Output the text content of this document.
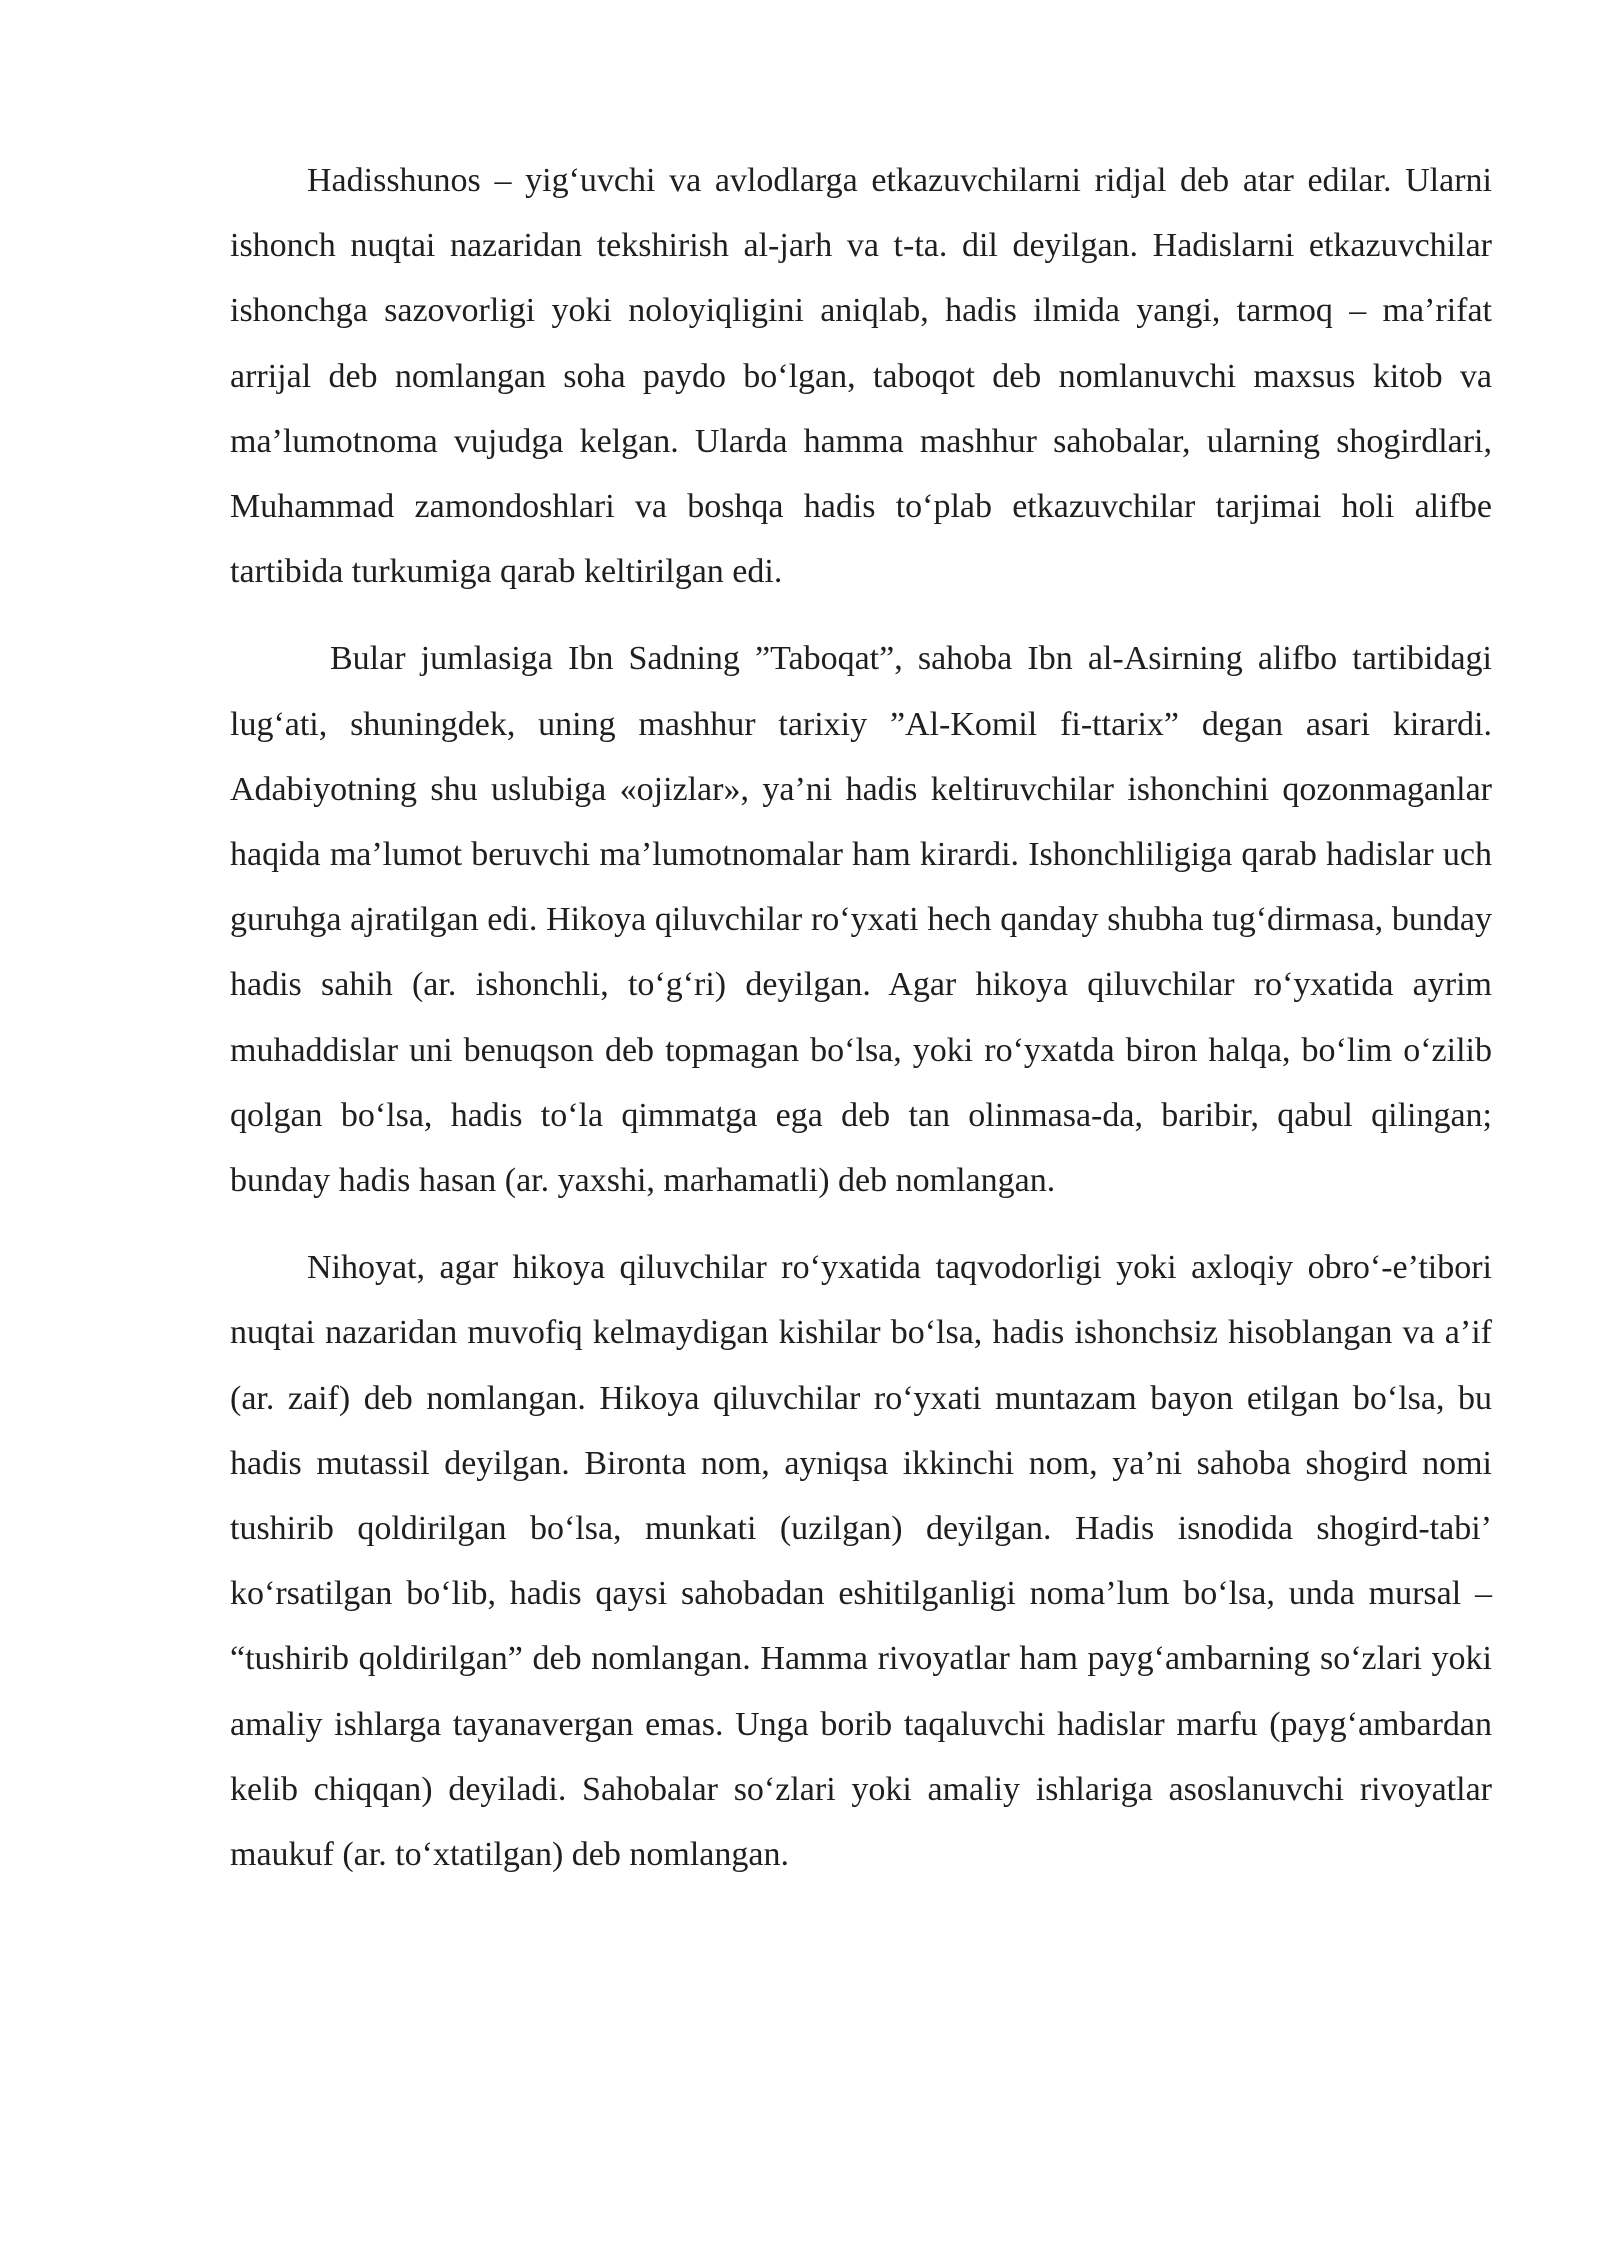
Hadisshunos – yig‘uvchi va avlodlarga etkazuvchilarni ridjal deb atar edilar. Ularni ishonch nuqtai nazaridan tekshirish al-jarh va t-ta. dil deyilgan. Hadislarni etkazuvchilar ishonchga sazovorligi yoki noloyiqligini aniqlab, hadis ilmida yangi, tarmoq – ma’rifat arrijal deb nomlangan soha paydo bo‘lgan, taboqot deb nomlanuvchi maxsus kitob va ma’lumotnoma vujudga kelgan. Ularda hamma mashhur sahobalar, ularning shogirdlari, Muhammad zamondoshlari va boshqa hadis to‘plab etkazuvchilar tarjimai holi alifbe tartibida turkumiga qarab keltirilgan edi.

Bular jumlasiga Ibn Sadning ”Taboqat”, sahoba Ibn al-Asirning alifbo tartibidagi lug‘ati, shuningdek, uning mashhur tarixiy ”Al-Komil fi-ttarix” degan asari kirardi. Adabiyotning shu uslubiga «ojizlar», ya’ni hadis keltiruvchilar ishonchini qozonmaganlar haqida ma’lumot beruvchi ma’lumotnomalar ham kirardi. Ishonchliligiga qarab hadislar uch guruhga ajratilgan edi. Hikoya qiluvchilar ro‘yxati hech qanday shubha tug‘dirmasa, bunday hadis sahih (ar. ishonchli, to‘g‘ri) deyilgan. Agar hikoya qiluvchilar ro‘yxatida ayrim muhaddislar uni benuqson deb topmagan bo‘lsa, yoki ro‘yxatda biron halqa, bo‘lim o‘zilib qolgan bo‘lsa, hadis to‘la qimmatga ega deb tan olinmasa-da, baribir, qabul qilingan; bunday hadis hasan (ar. yaxshi, marhamatli) deb nomlangan.

Nihoyat, agar hikoya qiluvchilar ro‘yxatida taqvodorligi yoki axloqiy obro‘-e’tibori nuqtai nazaridan muvofiq kelmaydigan kishilar bo‘lsa, hadis ishonchsiz hisoblangan va a’if (ar. zaif) deb nomlangan. Hikoya qiluvchilar ro‘yxati muntazam bayon etilgan bo‘lsa, bu hadis mutassil deyilgan. Bironta nom, ayniqsa ikkinchi nom, ya’ni sahoba shogird nomi tushirib qoldirilgan bo‘lsa, munkati (uzilgan) deyilgan. Hadis isnodida shogird-tabi’ ko‘rsatilgan bo‘lib, hadis qaysi sahobadan eshitilganligi noma’lum bo‘lsa, unda mursal – “tushirib qoldirilgan” deb nomlangan. Hamma rivoyatlar ham payg‘ambarning so‘zlari yoki amaliy ishlarga tayanavergan emas. Unga borib taqaluvchi hadislar marfu (payg‘ambardan kelib chiqqan) deyiladi. Sahobalar so‘zlari yoki amaliy ishlariga asoslanuvchi rivoyatlar maukuf (ar. to‘xtatilgan) deb nomlangan.
